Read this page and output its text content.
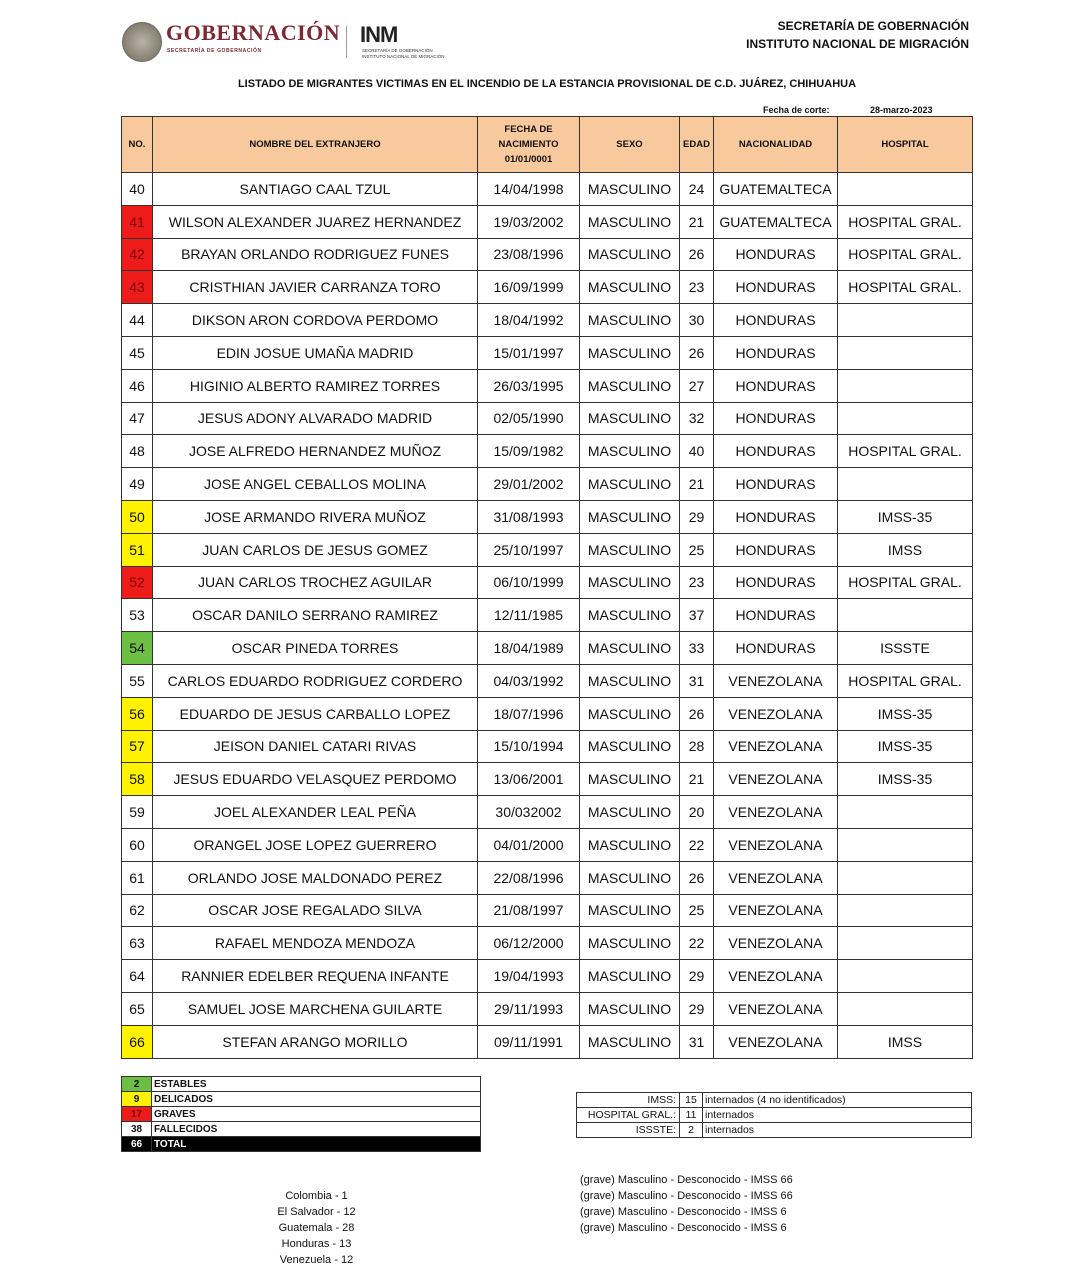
GOBERNACIÓN
SECRETARÍA DE GOBERNACIÓN
INM
SECRETARÍA DE GOBERNACIÓN
INSTITUTO NACIONAL DE MIGRACIÓN
SECRETARÍA DE GOBERNACIÓN
INSTITUTO NACIONAL DE MIGRACIÓN
LISTADO DE MIGRANTES VICTIMAS EN EL INCENDIO DE LA ESTANCIA PROVISIONAL DE C.D. JUÁREZ, CHIHUAHUA
Fecha de corte:	28-marzo-2023
NO.	NOMBRE DEL EXTRANJERO	FECHA DE NACIMIENTO 01/01/0001	SEXO	EDAD	NACIONALIDAD	HOSPITAL
40	SANTIAGO CAAL TZUL	14/04/1998	MASCULINO	24	GUATEMALTECA	
41	WILSON ALEXANDER JUAREZ HERNANDEZ	19/03/2002	MASCULINO	21	GUATEMALTECA	HOSPITAL GRAL.
42	BRAYAN ORLANDO RODRIGUEZ FUNES	23/08/1996	MASCULINO	26	HONDURAS	HOSPITAL GRAL.
43	CRISTHIAN JAVIER CARRANZA TORO	16/09/1999	MASCULINO	23	HONDURAS	HOSPITAL GRAL.
44	DIKSON ARON CORDOVA PERDOMO	18/04/1992	MASCULINO	30	HONDURAS	
45	EDIN JOSUE UMAÑA MADRID	15/01/1997	MASCULINO	26	HONDURAS	
46	HIGINIO ALBERTO RAMIREZ TORRES	26/03/1995	MASCULINO	27	HONDURAS	
47	JESUS ADONY ALVARADO MADRID	02/05/1990	MASCULINO	32	HONDURAS	
48	JOSE ALFREDO HERNANDEZ MUÑOZ	15/09/1982	MASCULINO	40	HONDURAS	HOSPITAL GRAL.
49	JOSE ANGEL CEBALLOS MOLINA	29/01/2002	MASCULINO	21	HONDURAS	
50	JOSE ARMANDO RIVERA MUÑOZ	31/08/1993	MASCULINO	29	HONDURAS	IMSS-35
51	JUAN CARLOS DE JESUS GOMEZ	25/10/1997	MASCULINO	25	HONDURAS	IMSS
52	JUAN CARLOS TROCHEZ AGUILAR	06/10/1999	MASCULINO	23	HONDURAS	HOSPITAL GRAL.
53	OSCAR DANILO SERRANO RAMIREZ	12/11/1985	MASCULINO	37	HONDURAS	
54	OSCAR PINEDA TORRES	18/04/1989	MASCULINO	33	HONDURAS	ISSSTE
55	CARLOS EDUARDO RODRIGUEZ CORDERO	04/03/1992	MASCULINO	31	VENEZOLANA	HOSPITAL GRAL.
56	EDUARDO DE JESUS CARBALLO LOPEZ	18/07/1996	MASCULINO	26	VENEZOLANA	IMSS-35
57	JEISON DANIEL CATARI RIVAS	15/10/1994	MASCULINO	28	VENEZOLANA	IMSS-35
58	JESUS EDUARDO VELASQUEZ PERDOMO	13/06/2001	MASCULINO	21	VENEZOLANA	IMSS-35
59	JOEL ALEXANDER LEAL PEÑA	30/032002	MASCULINO	20	VENEZOLANA	
60	ORANGEL JOSE LOPEZ GUERRERO	04/01/2000	MASCULINO	22	VENEZOLANA	
61	ORLANDO JOSE MALDONADO PEREZ	22/08/1996	MASCULINO	26	VENEZOLANA	
62	OSCAR JOSE REGALADO SILVA	21/08/1997	MASCULINO	25	VENEZOLANA	
63	RAFAEL MENDOZA MENDOZA	06/12/2000	MASCULINO	22	VENEZOLANA	
64	RANNIER EDELBER REQUENA INFANTE	19/04/1993	MASCULINO	29	VENEZOLANA	
65	SAMUEL JOSE MARCHENA GUILARTE	29/11/1993	MASCULINO	29	VENEZOLANA	
66	STEFAN ARANGO MORILLO	09/11/1991	MASCULINO	31	VENEZOLANA	IMSS
2	ESTABLES
9	DELICADOS
17	GRAVES
38	FALLECIDOS
66	TOTAL
IMSS:	15	internados (4 no identificados)
HOSPITAL GRAL.:	11	internados
ISSSTE:	2	internados
Colombia - 1
El Salvador - 12
Guatemala - 28
Honduras - 13
Venezuela - 12
(grave) Masculino - Desconocido - IMSS 66
(grave) Masculino - Desconocido - IMSS 66
(grave) Masculino - Desconocido - IMSS 6
(grave) Masculino - Desconocido - IMSS 6
